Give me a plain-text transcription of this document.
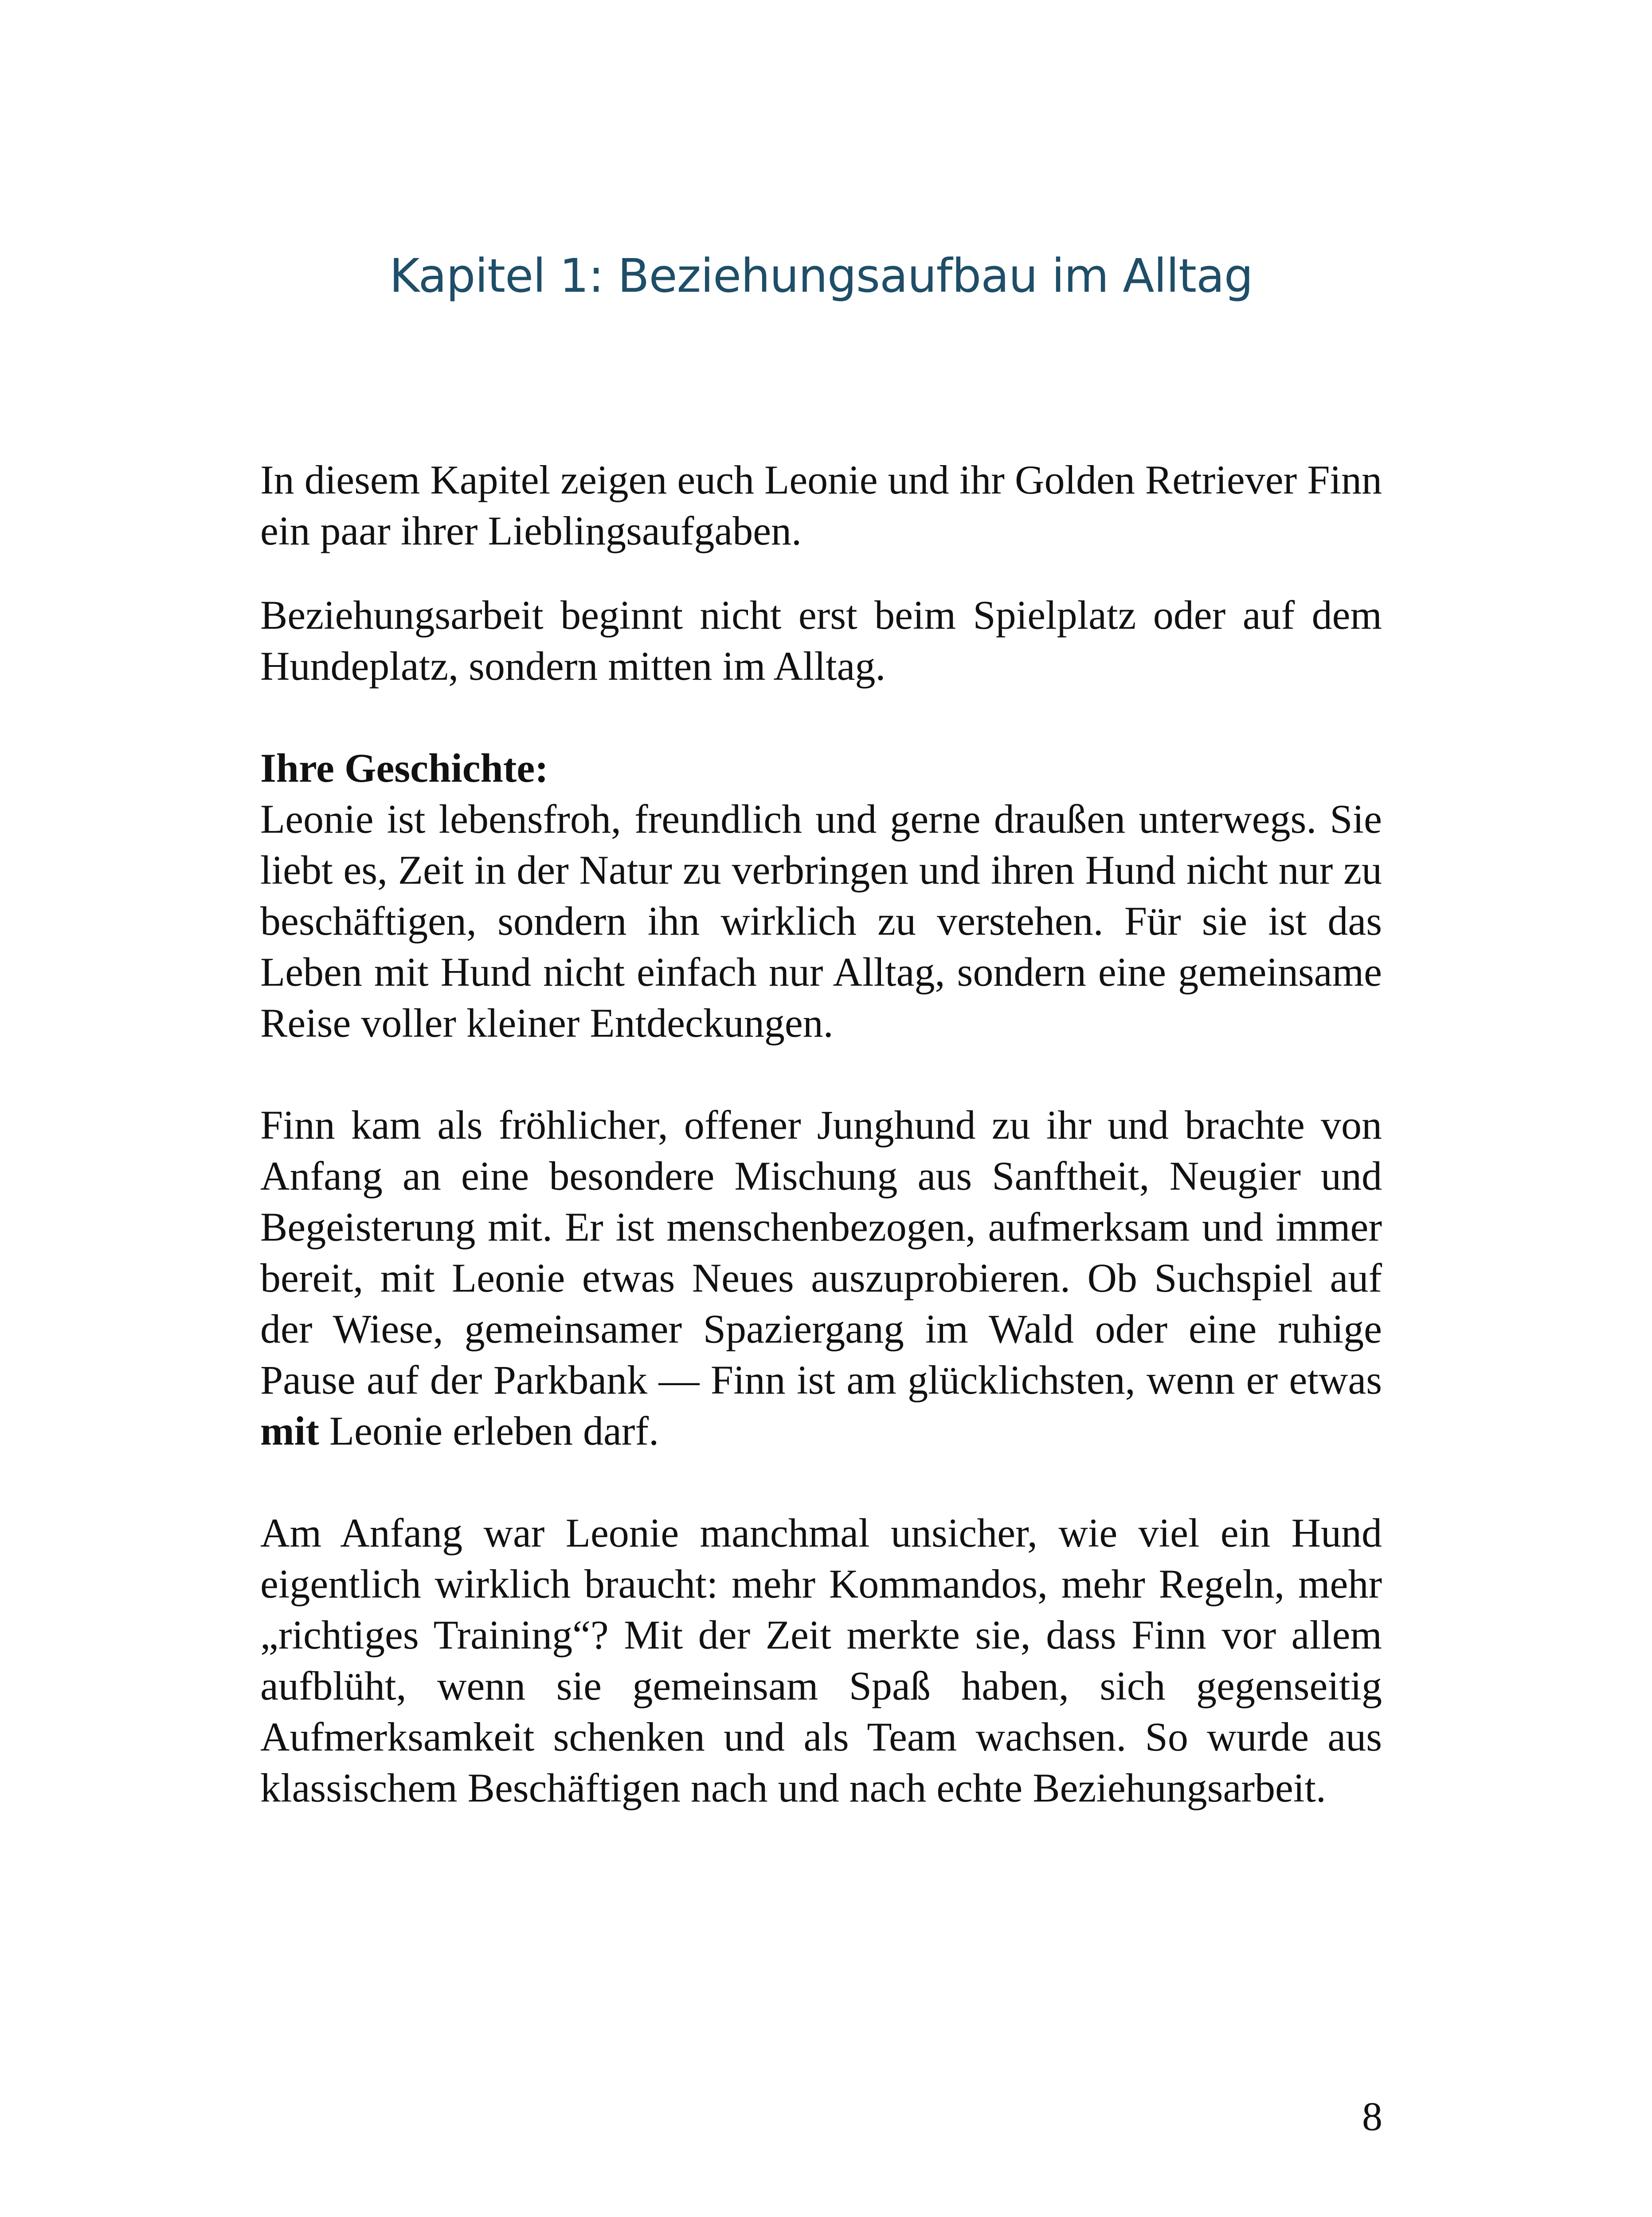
Kapitel 1: Beziehungsaufbau im Alltag

In diesem Kapitel zeigen euch Leonie und ihr Golden Retriever Finn ein paar ihrer Lieblingsaufgaben.

Beziehungsarbeit beginnt nicht erst beim Spielplatz oder auf dem Hundeplatz, sondern mitten im Alltag.

Ihre Geschichte:

Leonie ist lebensfroh, freundlich und gerne draußen unterwegs. Sie liebt es, Zeit in der Natur zu verbringen und ihren Hund nicht nur zu beschäftigen, sondern ihn wirklich zu verstehen. Für sie ist das Leben mit Hund nicht einfach nur Alltag, sondern eine gemeinsame Reise voller kleiner Entdeckungen.

Finn kam als fröhlicher, offener Junghund zu ihr und brachte von Anfang an eine besondere Mischung aus Sanftheit, Neugier und Begeisterung mit. Er ist menschenbezogen, aufmerksam und immer bereit, mit Leonie etwas Neues auszuprobieren. Ob Suchspiel auf der Wiese, gemeinsamer Spaziergang im Wald oder eine ruhige Pause auf der Parkbank — Finn ist am glücklichsten, wenn er etwas mit Leonie erleben darf.

Am Anfang war Leonie manchmal unsicher, wie viel ein Hund eigentlich wirklich braucht: mehr Kommandos, mehr Regeln, mehr „richtiges Training“? Mit der Zeit merkte sie, dass Finn vor allem aufblüht, wenn sie gemeinsam Spaß haben, sich gegenseitig Aufmerksamkeit schenken und als Team wachsen. So wurde aus klassischem Beschäftigen nach und nach echte Beziehungsarbeit.

8
